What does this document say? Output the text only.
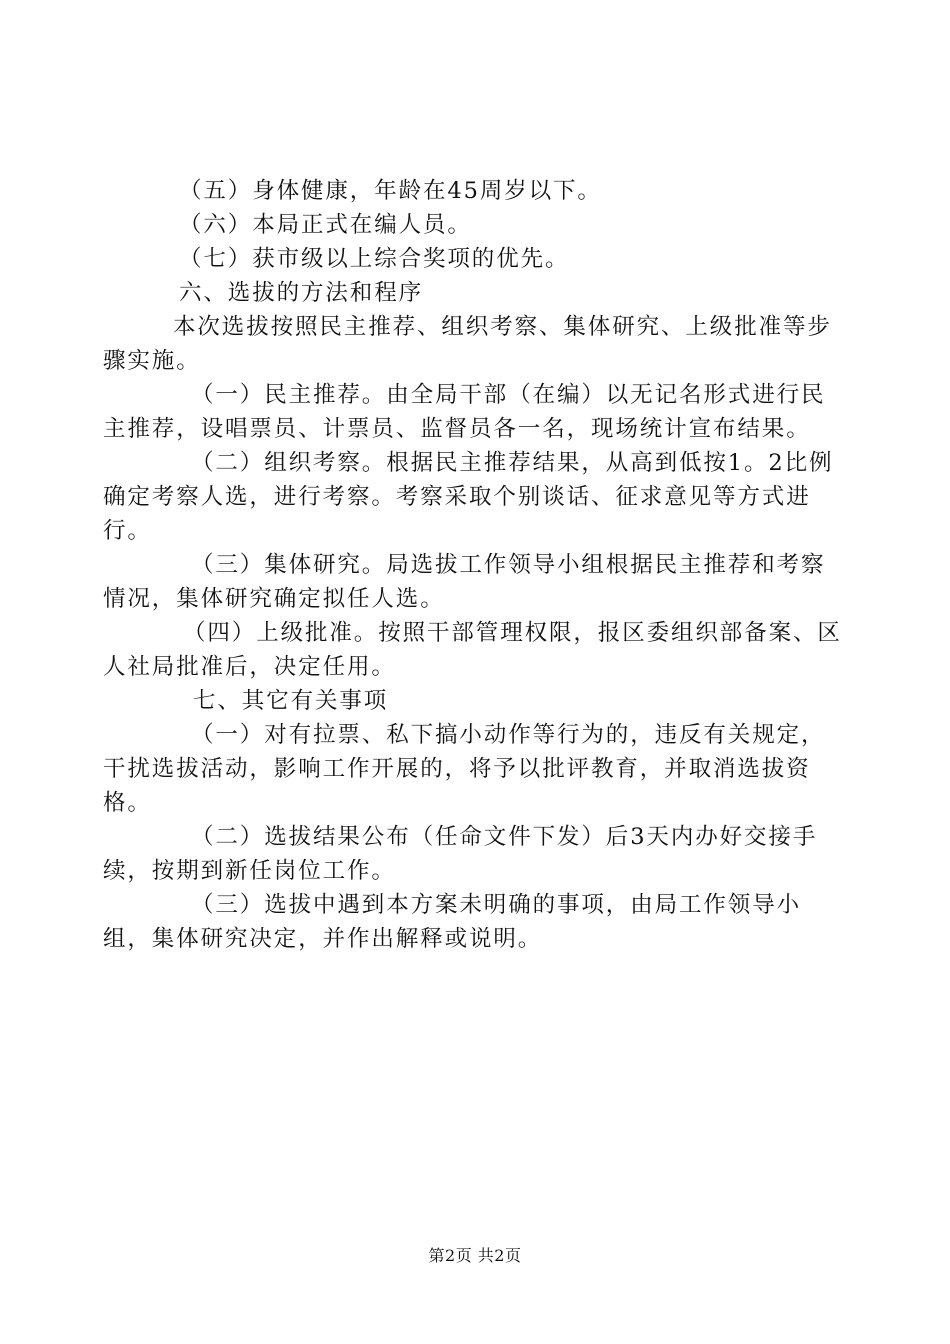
（五）身体健康，年龄在45周岁以下。

（六）本局正式在编人员。

（七）获市级以上综合奖项的优先。

六、选拔的方法和程序

本次选拔按照民主推荐、组织考察、集体研究、上级批准等步骤实施。

（一）民主推荐。由全局干部（在编）以无记名形式进行民主推荐，设唱票员、计票员、监督员各一名，现场统计宣布结果。

（二）组织考察。根据民主推荐结果，从高到低按1。2比例确定考察人选，进行考察。考察采取个别谈话、征求意见等方式进行。

（三）集体研究。局选拔工作领导小组根据民主推荐和考察情况，集体研究确定拟任人选。

（四）上级批准。按照干部管理权限，报区委组织部备案、区人社局批准后，决定任用。

七、其它有关事项

（一）对有拉票、私下搞小动作等行为的，违反有关规定，干扰选拔活动，影响工作开展的，将予以批评教育，并取消选拔资格。

（二）选拔结果公布（任命文件下发）后3天内办好交接手续，按期到新任岗位工作。

（三）选拔中遇到本方案未明确的事项，由局工作领导小组，集体研究决定，并作出解释或说明。

第2页 共2页
